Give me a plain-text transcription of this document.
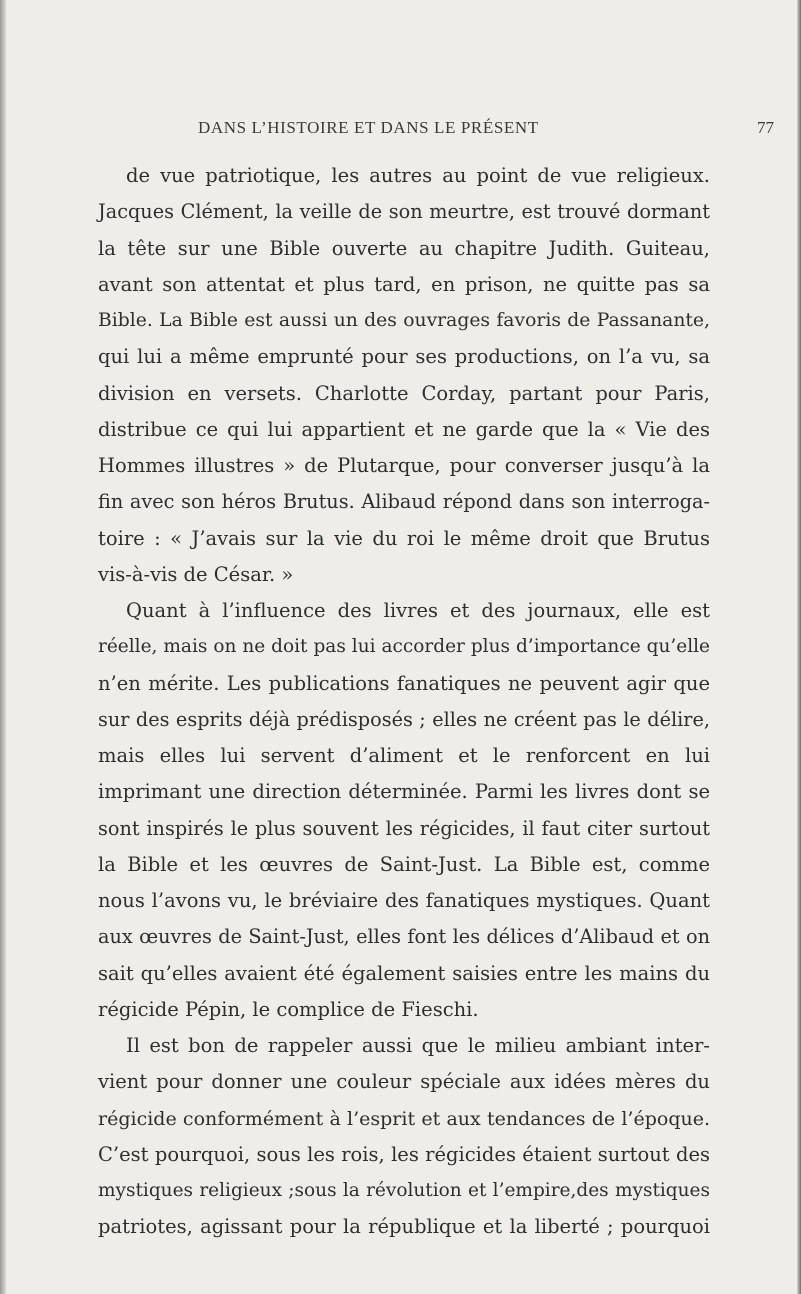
DANS L’HISTOIRE ET DANS LE PRÉSENT	77
de vue patriotique, les autres au point de vue religieux.
Jacques Clément, la veille de son meurtre, est trouvé dormant
la tête sur une Bible ouverte au chapitre Judith. Guiteau,
avant son attentat et plus tard, en prison, ne quitte pas sa
Bible. La Bible est aussi un des ouvrages favoris de Passanante,
qui lui a même emprunté pour ses productions, on l’a vu, sa
division en versets. Charlotte Corday, partant pour Paris,
distribue ce qui lui appartient et ne garde que la « Vie des
Hommes illustres » de Plutarque, pour converser jusqu’à la
fin avec son héros Brutus. Alibaud répond dans son interroga-
toire : « J’avais sur la vie du roi le même droit que Brutus
vis-à-vis de César. »
Quant à l’influence des livres et des journaux, elle est
réelle, mais on ne doit pas lui accorder plus d’importance qu’elle
n’en mérite. Les publications fanatiques ne peuvent agir que
sur des esprits déjà prédisposés ; elles ne créent pas le délire,
mais elles lui servent d’aliment et le renforcent en lui
imprimant une direction déterminée. Parmi les livres dont se
sont inspirés le plus souvent les régicides, il faut citer surtout
la Bible et les œuvres de Saint-Just. La Bible est, comme
nous l’avons vu, le bréviaire des fanatiques mystiques. Quant
aux œuvres de Saint-Just, elles font les délices d’Alibaud et on
sait qu’elles avaient été également saisies entre les mains du
régicide Pépin, le complice de Fieschi.
Il est bon de rappeler aussi que le milieu ambiant inter-
vient pour donner une couleur spéciale aux idées mères du
régicide conformément à l’esprit et aux tendances de l’époque.
C’est pourquoi, sous les rois, les régicides étaient surtout des
mystiques religieux ;sous la révolution et l’empire,des mystiques
patriotes, agissant pour la république et la liberté ; pourquoi
